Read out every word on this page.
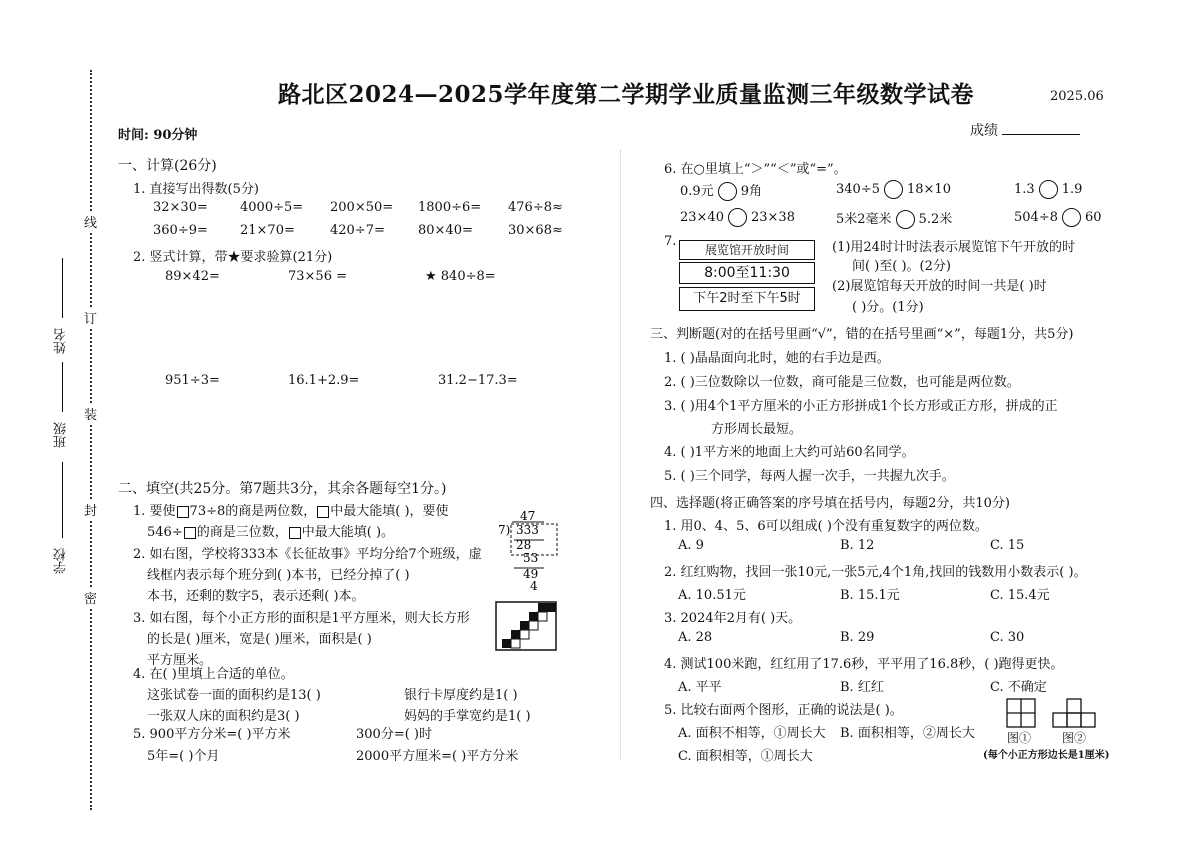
线
订
装
封
密
姓名
班级
学校
路北区2024—2025学年度第二学期学业质量监测三年级数学试卷	2025.06
时间: 90分钟	成绩
一、计算(26分)
1. 直接写出得数(5分)
32×30= 4000÷5= 200×50= 1800÷6= 476÷8≈
360÷9= 21×70=	420÷7=	80×40=	30×68≈
2. 竖式计算，带★要求验算(21分)
89×42=	73×56 =	★ 840÷8=
951÷3=	16.1+2.9=	31.2−17.3=
二、填空(共25分。第7题共3分，其余各题每空1分。)
1. 要使 73÷8的商是两位数， 中最大能填( )，要使
546÷ 的商是三位数， 中最大能填( )。
2. 如右图，学校将333本《长征故事》平均分给7个班级，虚
线框内表示每个班分到( )本书，已经分掉了( )
本书，还剩的数字5，表示还剩( )本。
47
7) 333
28
53
49
4
3. 如右图，每个小正方形的面积是1平方厘米，则大长方形
的长是( )厘米，宽是( )厘米，面积是( )
平方厘米。
4. 在( )里填上合适的单位。
这张试卷一面的面积约是13( )	银行卡厚度约是1( )
一张双人床的面积约是3( )	妈妈的手掌宽约是1( )
5. 900平方分米=( )平方米	300分=( )时
5年=( )个月	2000平方厘米=( )平方分米
6. 在○里填上“＞”“＜”或“=”。
0.9元 9角	340÷5 18×10	1.3 1.9
23×40 23×38	5米2毫米 5.2米	504÷8 60
7.
展览馆开放时间
8:00至11:30
下午2时至下午5时
(1)用24时计时法表示展览馆下午开放的时
间( )至( )。(2分)
(2)展览馆每天开放的时间一共是( )时
( )分。(1分)
三、判断题(对的在括号里画“√”，错的在括号里画“×”，每题1分，共5分)
1. ( )晶晶面向北时，她的右手边是西。
2. ( )三位数除以一位数，商可能是三位数，也可能是两位数。
3. ( )用4个1平方厘米的小正方形拼成1个长方形或正方形，拼成的正
方形周长最短。
4. ( )1平方米的地面上大约可站60名同学。
5. ( )三个同学，每两人握一次手，一共握九次手。
四、选择题(将正确答案的序号填在括号内，每题2分，共10分)
1. 用0、4、5、6可以组成( )个没有重复数字的两位数。
A. 9	B. 12	C. 15
2. 红红购物，找回一张10元,一张5元,4个1角,找回的钱数用小数表示( )。
A. 10.51元	B. 15.1元	C. 15.4元
3. 2024年2月有( )天。
A. 28	B. 29	C. 30
4. 测试100米跑，红红用了17.6秒，平平用了16.8秒，( )跑得更快。
A. 平平	B. 红红	C. 不确定
5. 比较右面两个图形，正确的说法是( )。
A. 面积不相等，①周长大 B. 面积相等，②周长大
C. 面积相等，①周长大
图①	图②
(每个小正方形边长是1厘米)
